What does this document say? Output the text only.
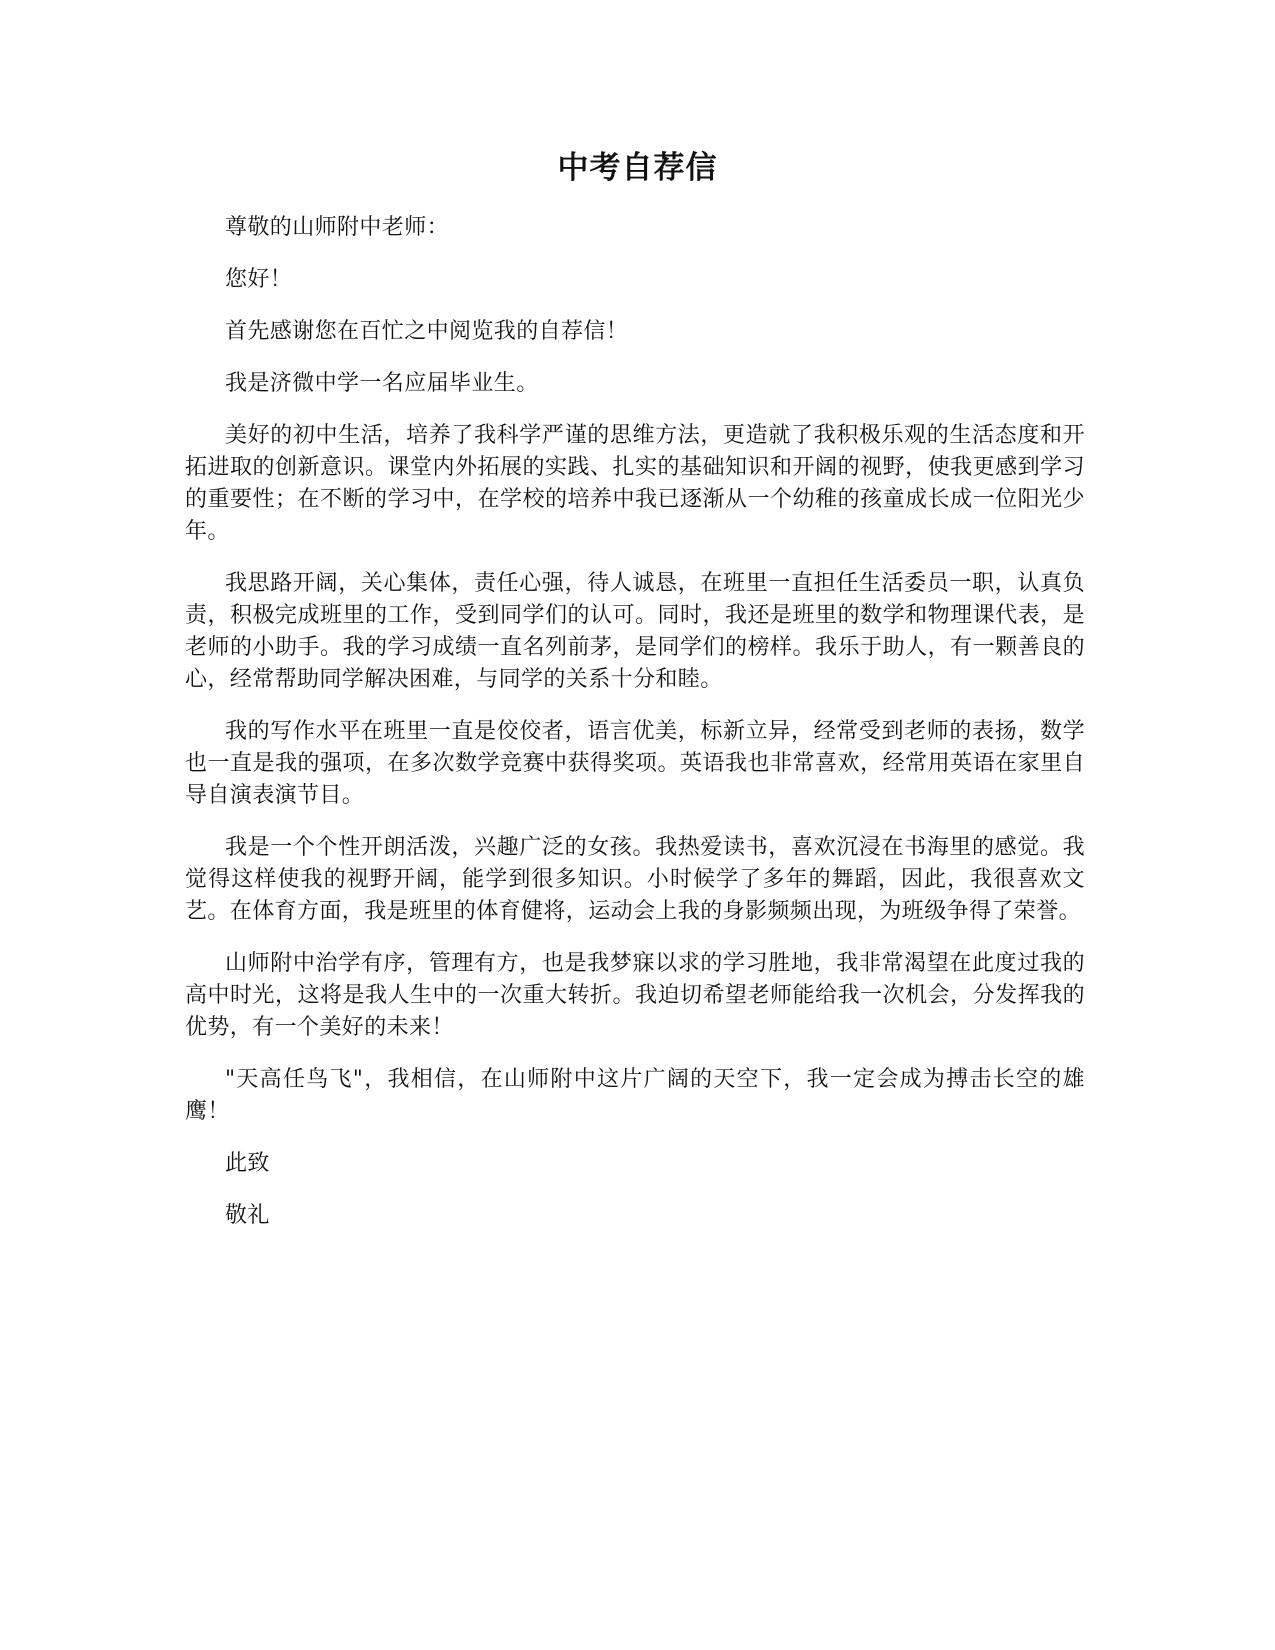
中考自荐信

尊敬的山师附中老师：

您好！

首先感谢您在百忙之中阅览我的自荐信！

我是济微中学一名应届毕业生。

美好的初中生活，培养了我科学严谨的思维方法，更造就了我积极乐观的生活态度和开拓进取的创新意识。课堂内外拓展的实践、扎实的基础知识和开阔的视野，使我更感到学习的重要性；在不断的学习中，在学校的培养中我已逐渐从一个幼稚的孩童成长成一位阳光少年。

我思路开阔，关心集体，责任心强，待人诚恳，在班里一直担任生活委员一职，认真负责，积极完成班里的工作，受到同学们的认可。同时，我还是班里的数学和物理课代表，是老师的小助手。我的学习成绩一直名列前茅，是同学们的榜样。我乐于助人，有一颗善良的心，经常帮助同学解决困难，与同学的关系十分和睦。

我的写作水平在班里一直是佼佼者，语言优美，标新立异，经常受到老师的表扬，数学也一直是我的强项，在多次数学竞赛中获得奖项。英语我也非常喜欢，经常用英语在家里自导自演表演节目。

我是一个个性开朗活泼，兴趣广泛的女孩。我热爱读书，喜欢沉浸在书海里的感觉。我觉得这样使我的视野开阔，能学到很多知识。小时候学了多年的舞蹈，因此，我很喜欢文艺。在体育方面，我是班里的体育健将，运动会上我的身影频频出现，为班级争得了荣誉。

山师附中治学有序，管理有方，也是我梦寐以求的学习胜地，我非常渴望在此度过我的高中时光，这将是我人生中的一次重大转折。我迫切希望老师能给我一次机会，分发挥我的优势，有一个美好的未来！

"天高任鸟飞"，我相信，在山师附中这片广阔的天空下，我一定会成为搏击长空的雄鹰！

此致

敬礼
